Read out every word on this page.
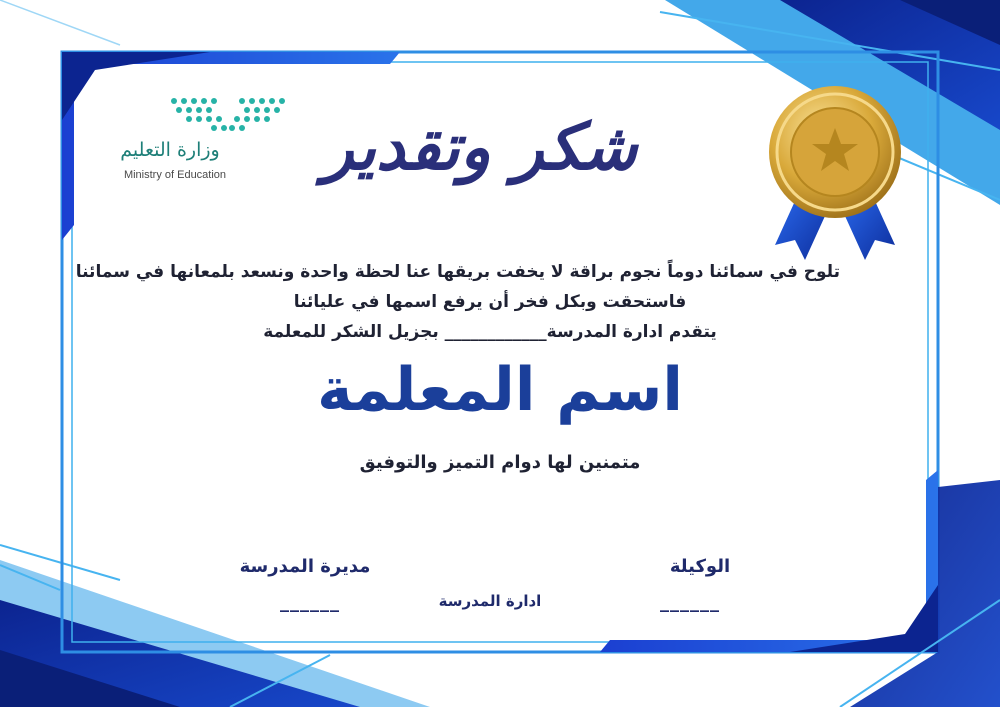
وزارة التعليم
Ministry of Education	شكر وتقدير
تلوح في سمائنا دوماً نجوم براقة لا يخفت بريقها عنا لحظة واحدة ونسعد بلمعانها في سمائنا
فاستحقت وبكل فخر أن يرفع اسمها في عليائنا
يتقدم ادارة المدرسة____________ بجزيل الشكر للمعلمة
اسم المعلمة
متمنين لها دوام التميز والتوفيق
الوكيلة
______
مديرة المدرسة
______	ادارة المدرسة
